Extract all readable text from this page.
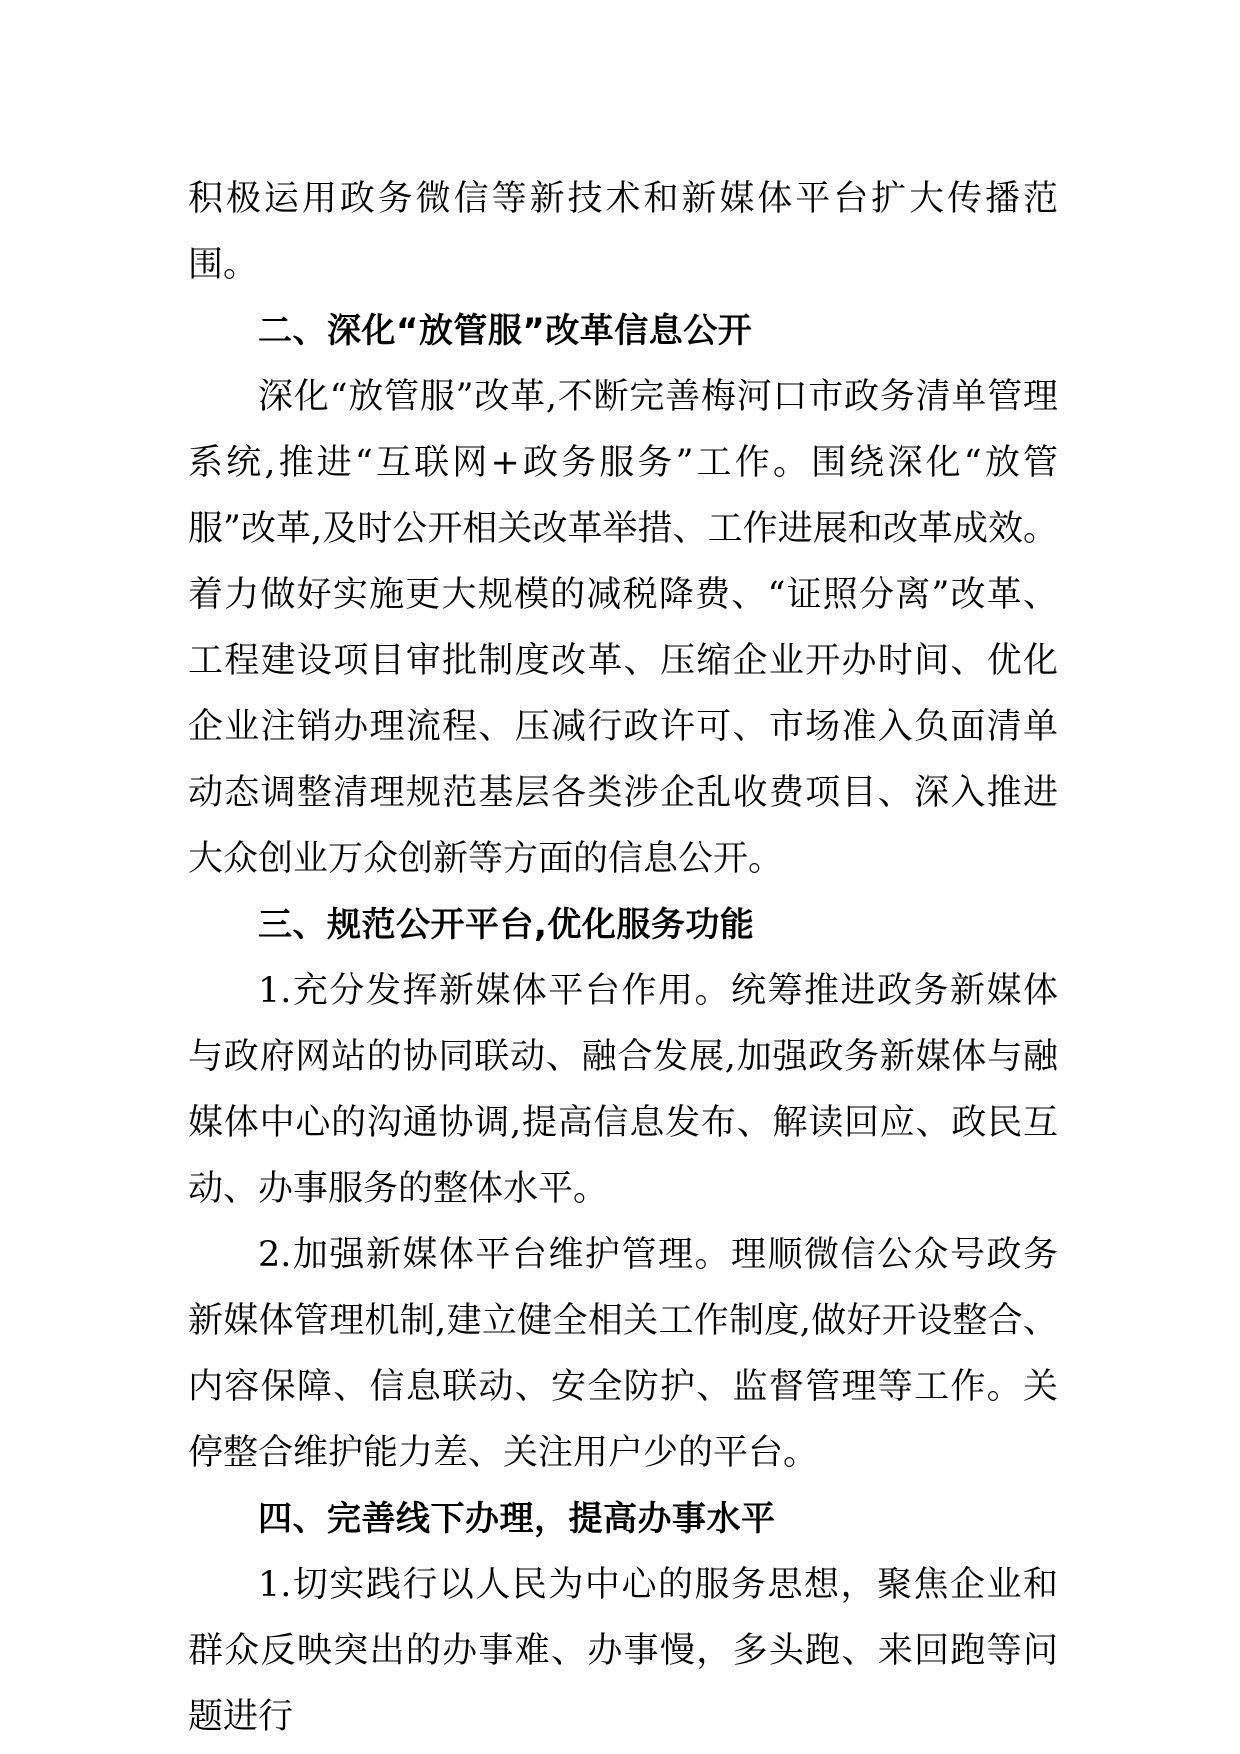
积极运用政务微信等新技术和新媒体平台扩大传播范围。

二、深化“放管服”改革信息公开

深化“放管服”改革,不断完善梅河口市政务清单管理系统,推进“互联网+政务服务”工作。围绕深化“放管服”改革,及时公开相关改革举措、工作进展和改革成效。着力做好实施更大规模的减税降费、“证照分离”改革、工程建设项目审批制度改革、压缩企业开办时间、优化企业注销办理流程、压减行政许可、市场准入负面清单动态调整清理规范基层各类涉企乱收费项目、深入推进大众创业万众创新等方面的信息公开。

三、规范公开平台,优化服务功能

1.充分发挥新媒体平台作用。统筹推进政务新媒体与政府网站的协同联动、融合发展,加强政务新媒体与融媒体中心的沟通协调,提高信息发布、解读回应、政民互动、办事服务的整体水平。

2.加强新媒体平台维护管理。理顺微信公众号政务新媒体管理机制,建立健全相关工作制度,做好开设整合、内容保障、信息联动、安全防护、监督管理等工作。关停整合维护能力差、关注用户少的平台。

四、完善线下办理，提高办事水平

1.切实践行以人民为中心的服务思想，聚焦企业和群众反映突出的办事难、办事慢，多头跑、来回跑等问题进行
